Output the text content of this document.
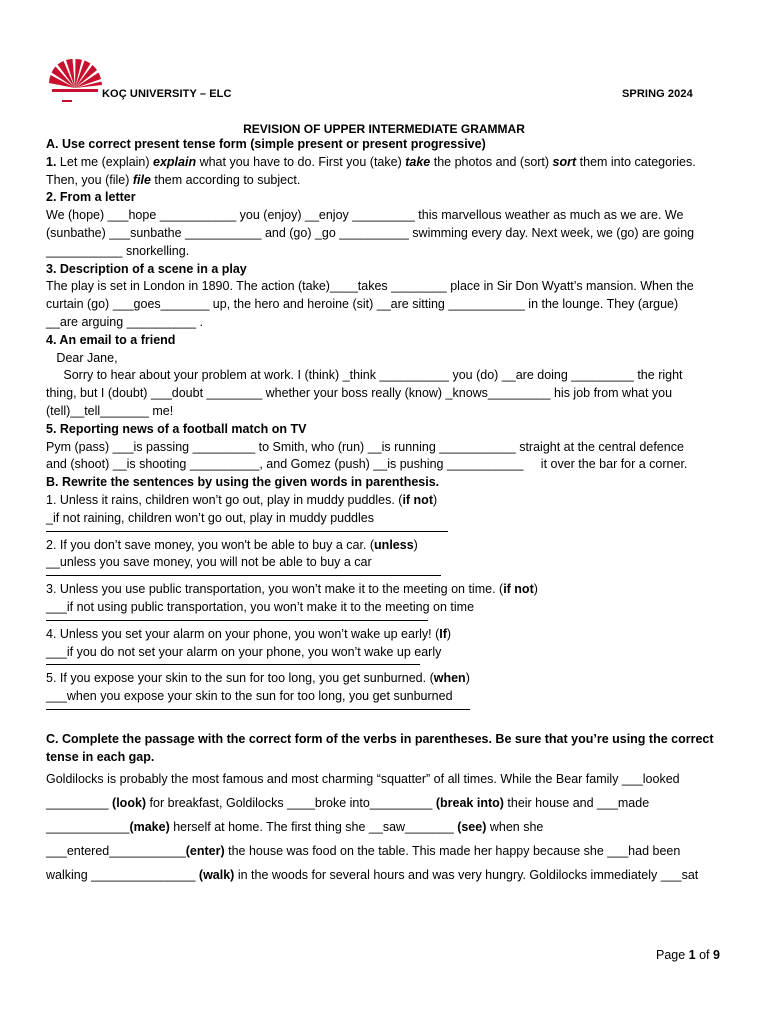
KOÇ UNIVERSITY – ELC	SPRING 2024
REVISION OF UPPER INTERMEDIATE GRAMMAR

A. Use correct present tense form (simple present or present progressive)

1. Let me (explain) explain what you have to do. First you (take) take the photos and (sort) sort them into categories.

Then, you (file) file them according to subject.

2. From a letter

We (hope) ___hope ___________ you (enjoy) __enjoy _________ this marvellous weather as much as we are. We

(sunbathe) ___sunbathe ___________ and (go) _go __________ swimming every day. Next week, we (go) are going

___________ snorkelling.

3. Description of a scene in a play

The play is set in London in 1890. The action (take)____takes ________ place in Sir Don Wyatt’s mansion. When the

curtain (go) ___goes_______ up, the hero and heroine (sit) __are sitting ___________ in the lounge. They (argue)

__are arguing __________ .

4. An email to a friend

Dear Jane,

Sorry to hear about your problem at work. I (think) _think __________ you (do) __are doing _________ the right

thing, but I (doubt) ___doubt ________ whether your boss really (know) _knows_________ his job from what you

(tell)__tell_______ me!

5. Reporting news of a football match on TV

Pym (pass) ___is passing _________ to Smith, who (run) __is running ___________ straight at the central defence

and (shoot) __is shooting __________, and Gomez (push) __is pushing ___________     it over the bar for a corner.

B. Rewrite the sentences by using the given words in parenthesis.

1. Unless it rains, children won’t go out, play in muddy puddles. (if not)

_if not raining, children won’t go out, play in muddy puddles

2. If you don’t save money, you won't be able to buy a car. (unless)

__unless you save money, you will not be able to buy a car

3. Unless you use public transportation, you won’t make it to the meeting on time. (if not)

___if not using public transportation, you won’t make it to the meeting on time

4. Unless you set your alarm on your phone, you won’t wake up early! (If)

___if you do not set your alarm on your phone, you won’t wake up early

5. If you expose your skin to the sun for too long, you get sunburned. (when)

___when you expose your skin to the sun for too long, you get sunburned

C. Complete the passage with the correct form of the verbs in parentheses. Be sure that you’re using the correct tense in each gap.

Goldilocks is probably the most famous and most charming “squatter” of all times. While the Bear family ___looked

_________ (look) for breakfast, Goldilocks ____broke into_________ (break into) their house and ___made

____________(make) herself at home. The first thing she __saw_______ (see) when she

___entered___________(enter) the house was food on the table. This made her happy because she ___had been

walking _______________ (walk) in the woods for several hours and was very hungry. Goldilocks immediately ___sat

Page 1 of 9
